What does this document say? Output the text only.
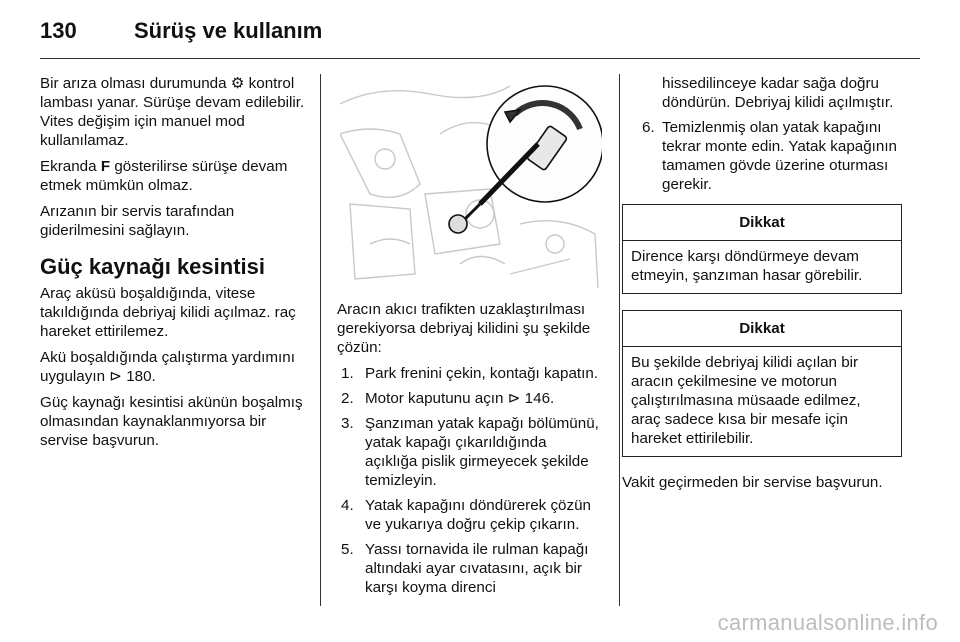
130	Sürüş ve kullanım

Bir arıza olması durumunda ⚙ kontrol lambası yanar. Sürüşe devam edilebilir. Vites değişim için manuel mod kullanılamaz.

Ekranda F gösterilirse sürüşe devam etmek mümkün olmaz.

Arızanın bir servis tarafından giderilmesini sağlayın.

Güç kaynağı kesintisi

Araç aküsü boşaldığında, vitese takıldığında debriyaj kilidi açılmaz. raç hareket ettirilemez.

Akü boşaldığında çalıştırma yardımını uygulayın ⊳ 180.

Güç kaynağı kesintisi akünün boşalmış olmasından kaynaklanmıyorsa bir servise başvurun.

Aracın akıcı trafikten uzaklaştırılması gerekiyorsa debriyaj kilidini şu şekilde çözün:

1. Park frenini çekin, kontağı kapatın.
2. Motor kaputunu açın ⊳ 146.
3. Şanzıman yatak kapağı bölümünü, yatak kapağı çıkarıldığında açıklığa pislik girmeyecek şekilde temizleyin.
4. Yatak kapağını döndürerek çözün ve yukarıya doğru çekip çıkarın.
5. Yassı tornavida ile rulman kapağı altındaki ayar cıvatasını, açık bir karşı koyma direnci
hissedilinceye kadar sağa doğru döndürün. Debriyaj kilidi açılmıştır.
6. Temizlenmiş olan yatak kapağını tekrar monte edin. Yatak kapağının tamamen gövde üzerine oturması gerekir.
Dikkat
Dirence karşı döndürmeye devam etmeyin, şanzıman hasar görebilir.
Dikkat
Bu şekilde debriyaj kilidi açılan bir aracın çekilmesine ve motorun çalıştırılmasına müsaade edilmez, araç sadece kısa bir mesafe için hareket ettirilebilir.

Vakit geçirmeden bir servise başvurun.

carmanualsonline.info
